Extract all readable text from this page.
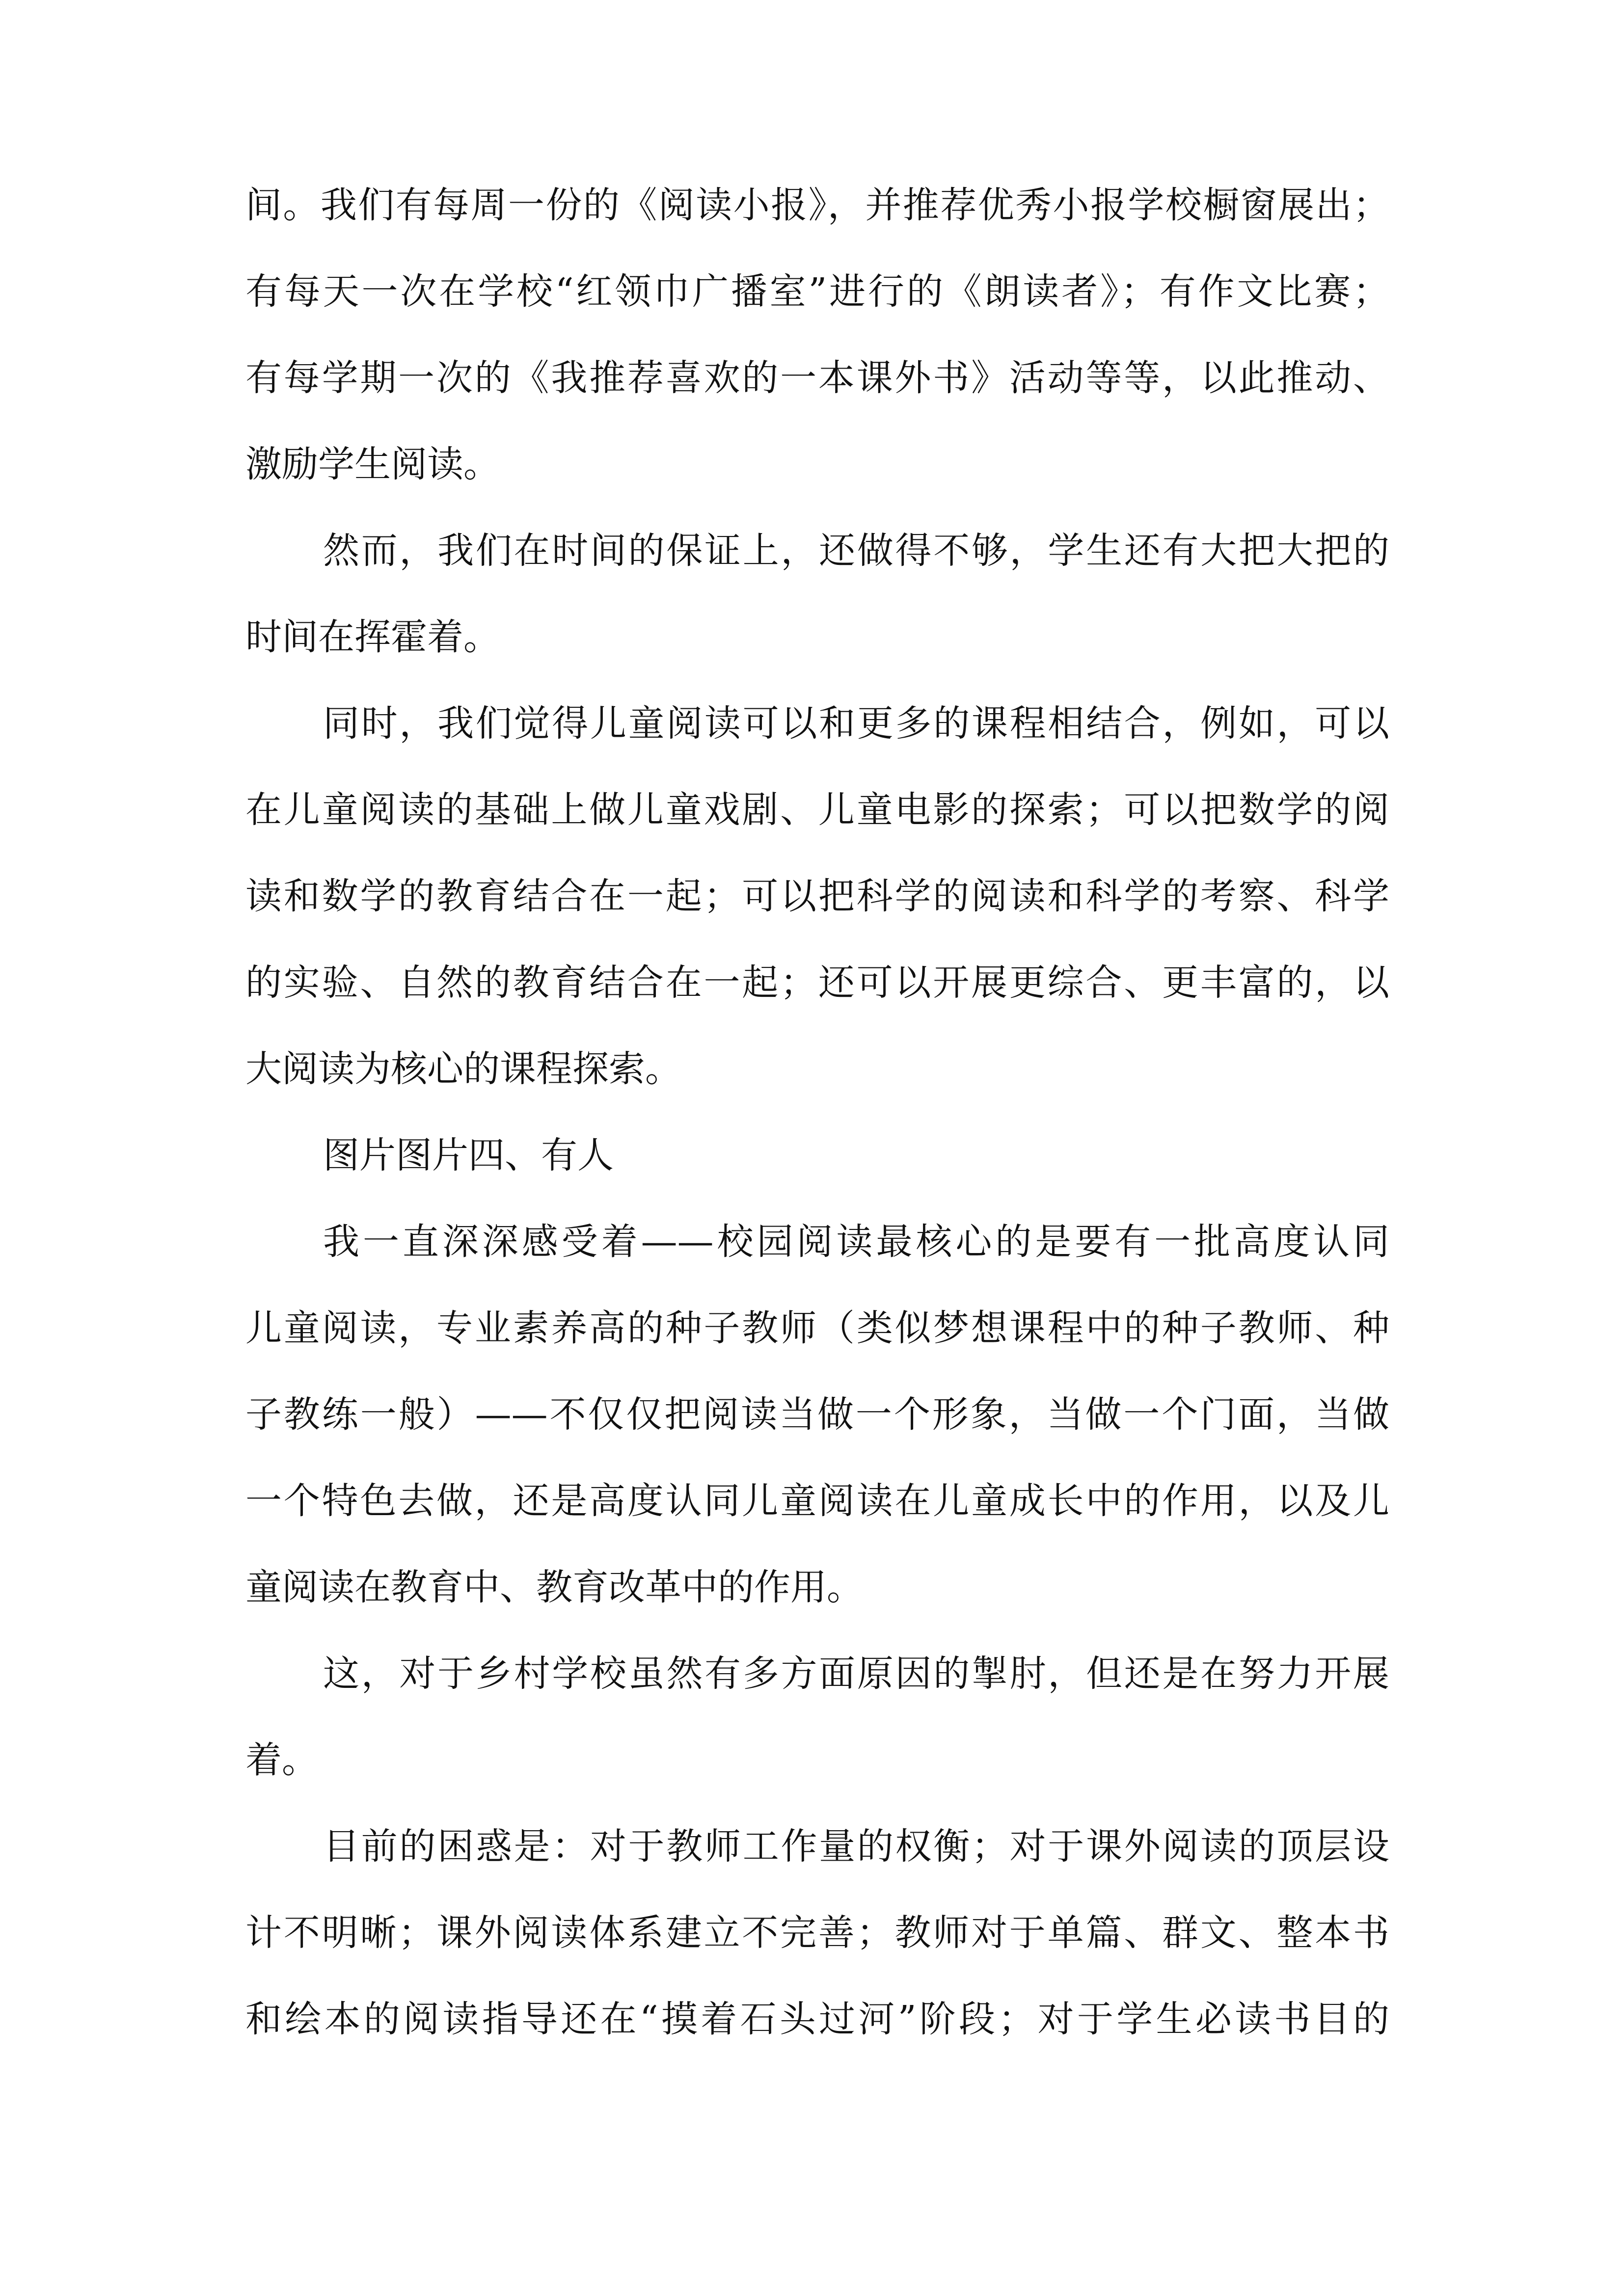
间。我们有每周一份的《阅读小报》，并推荐优秀小报学校橱窗展出；
有每天一次在学校“红领巾广播室”进行的《朗读者》；有作文比赛；
有每学期一次的《我推荐喜欢的一本课外书》活动等等，以此推动、
激励学生阅读。
然而，我们在时间的保证上，还做得不够，学生还有大把大把的
时间在挥霍着。
同时，我们觉得儿童阅读可以和更多的课程相结合，例如，可以
在儿童阅读的基础上做儿童戏剧、儿童电影的探索；可以把数学的阅
读和数学的教育结合在一起；可以把科学的阅读和科学的考察、科学
的实验、自然的教育结合在一起；还可以开展更综合、更丰富的，以
大阅读为核心的课程探索。
图片图片四、有人
我一直深深感受着——校园阅读最核心的是要有一批高度认同
儿童阅读，专业素养高的种子教师（类似梦想课程中的种子教师、种
子教练一般）——不仅仅把阅读当做一个形象，当做一个门面，当做
一个特色去做，还是高度认同儿童阅读在儿童成长中的作用，以及儿
童阅读在教育中、教育改革中的作用。
这，对于乡村学校虽然有多方面原因的掣肘，但还是在努力开展
着。
目前的困惑是：对于教师工作量的权衡；对于课外阅读的顶层设
计不明晰；课外阅读体系建立不完善；教师对于单篇、群文、整本书
和绘本的阅读指导还在“摸着石头过河”阶段；对于学生必读书目的
